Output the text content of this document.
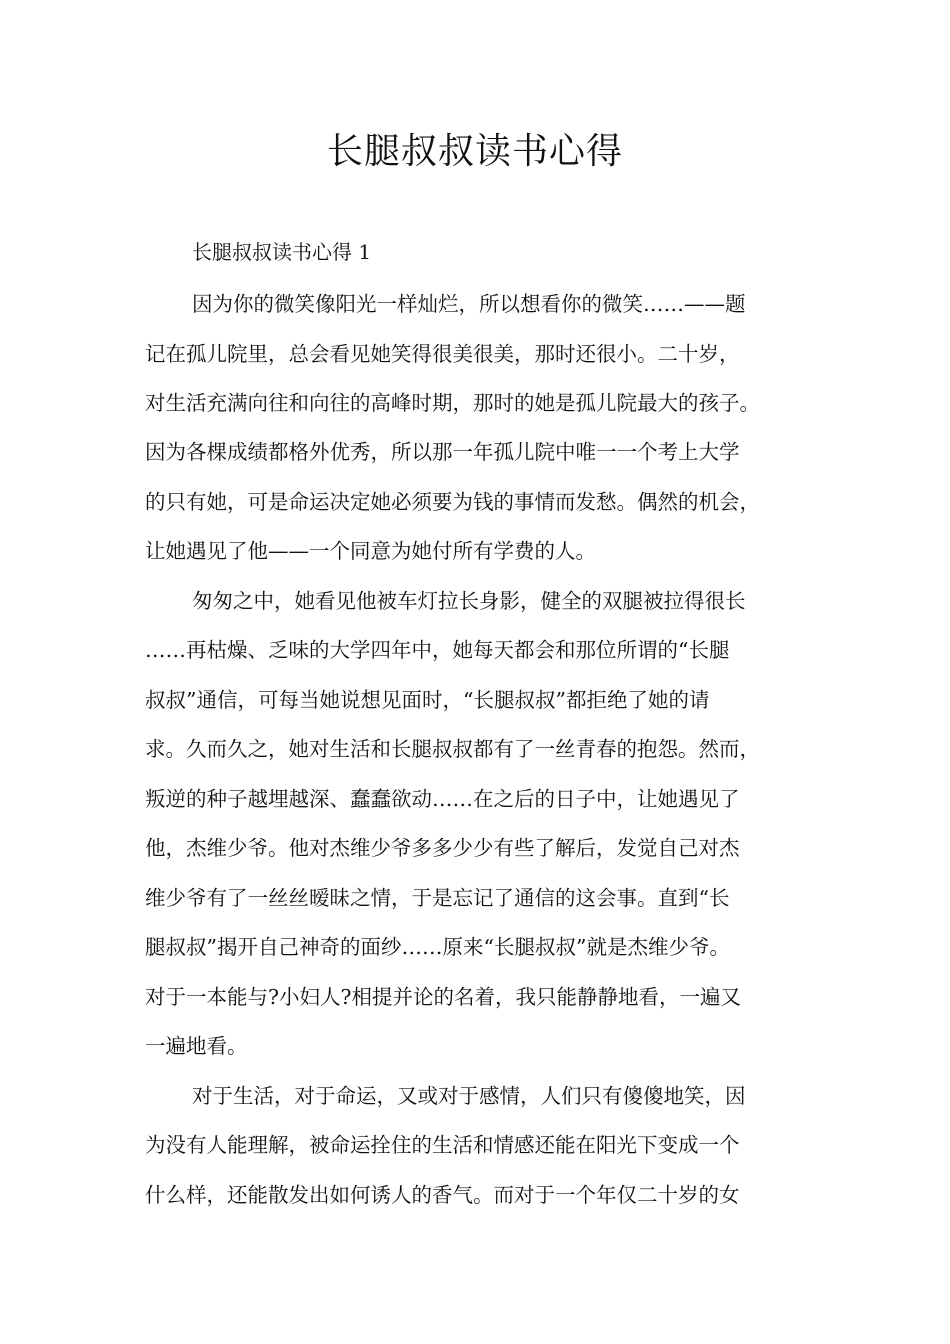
长腿叔叔读书心得

长腿叔叔读书心得 1

因为你的微笑像阳光一样灿烂，所以想看你的微笑……——题

记在孤儿院里，总会看见她笑得很美很美，那时还很小。二十岁，

对生活充满向往和向往的高峰时期，那时的她是孤儿院最大的孩子。

因为各棵成绩都格外优秀，所以那一年孤儿院中唯一一个考上大学

的只有她，可是命运决定她必须要为钱的事情而发愁。偶然的机会，

让她遇见了他——一个同意为她付所有学费的人。

匆匆之中，她看见他被车灯拉长身影，健全的双腿被拉得很长

……再枯燥、乏味的大学四年中，她每天都会和那位所谓的“长腿

叔叔”通信，可每当她说想见面时，“长腿叔叔”都拒绝了她的请

求。久而久之，她对生活和长腿叔叔都有了一丝青春的抱怨。然而，

叛逆的种子越埋越深、蠢蠢欲动……在之后的日子中，让她遇见了

他，杰维少爷。他对杰维少爷多多少少有些了解后，发觉自己对杰

维少爷有了一丝丝暧昧之情，于是忘记了通信的这会事。直到“长

腿叔叔”揭开自己神奇的面纱……原来“长腿叔叔”就是杰维少爷。

对于一本能与?小妇人?相提并论的名着，我只能静静地看，一遍又

一遍地看。

对于生活，对于命运，又或对于感情，人们只有傻傻地笑，因

为没有人能理解，被命运拴住的生活和情感还能在阳光下变成一个

什么样，还能散发出如何诱人的香气。而对于一个年仅二十岁的女
